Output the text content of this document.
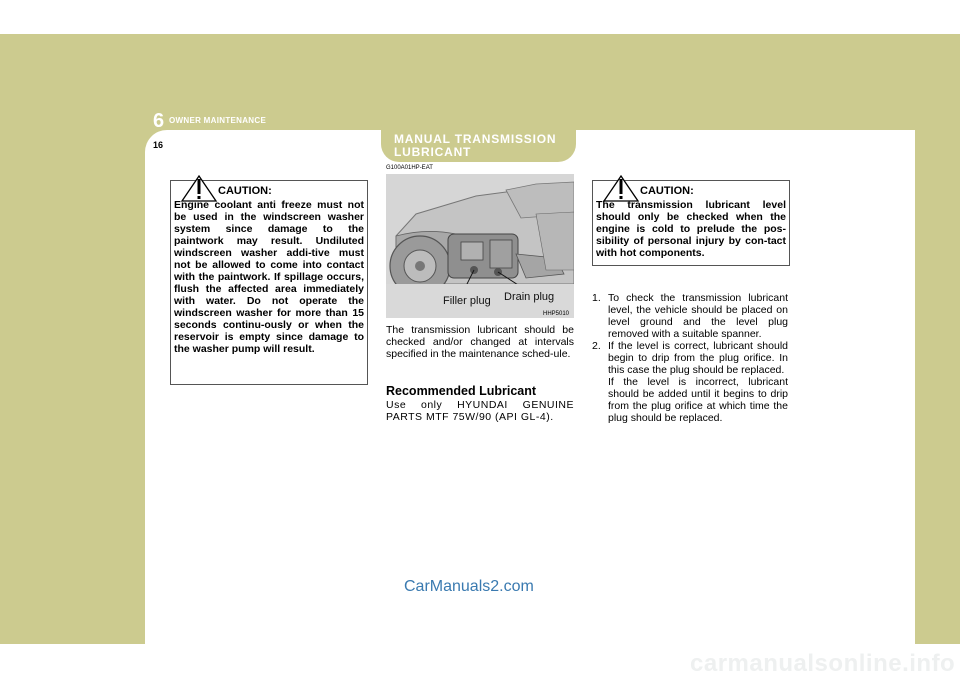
6 OWNER MAINTENANCE
16	MANUAL TRANSMISSION
LUBRICANT
CAUTION:
Engine coolant anti freeze must not be used in the windscreen washer system since damage to the paintwork may result. Undiluted windscreen washer addi-tive must not be allowed to come into contact with the paintwork. If spillage occurs, flush the affected area immediately with water. Do not operate the windscreen washer for more than 15 seconds continu-ously or when the reservoir is empty since damage to the washer pump will result.
G100A01HP-EAT
Drain plug
Filler plug
HHP5010
The transmission lubricant should be checked and/or changed at intervals specified in the maintenance sched-ule.
Recommended Lubricant
Use only HYUNDAI GENUINE PARTS MTF 75W/90 (API GL-4).
CAUTION:
The transmission lubricant level should only be checked when the engine is cold to prelude the pos-sibility of personal injury by con-tact with hot components.
1. To check the transmission lubricant level, the vehicle should be placed on level ground and the level plug removed with a suitable spanner.
2. If the level is correct, lubricant should begin to drip from the plug orifice. In this case the plug should be replaced.
If the level is incorrect, lubricant should be added until it begins to drip from the plug orifice at which time the plug should be replaced.
CarManuals2.com
carmanualsonline.info
